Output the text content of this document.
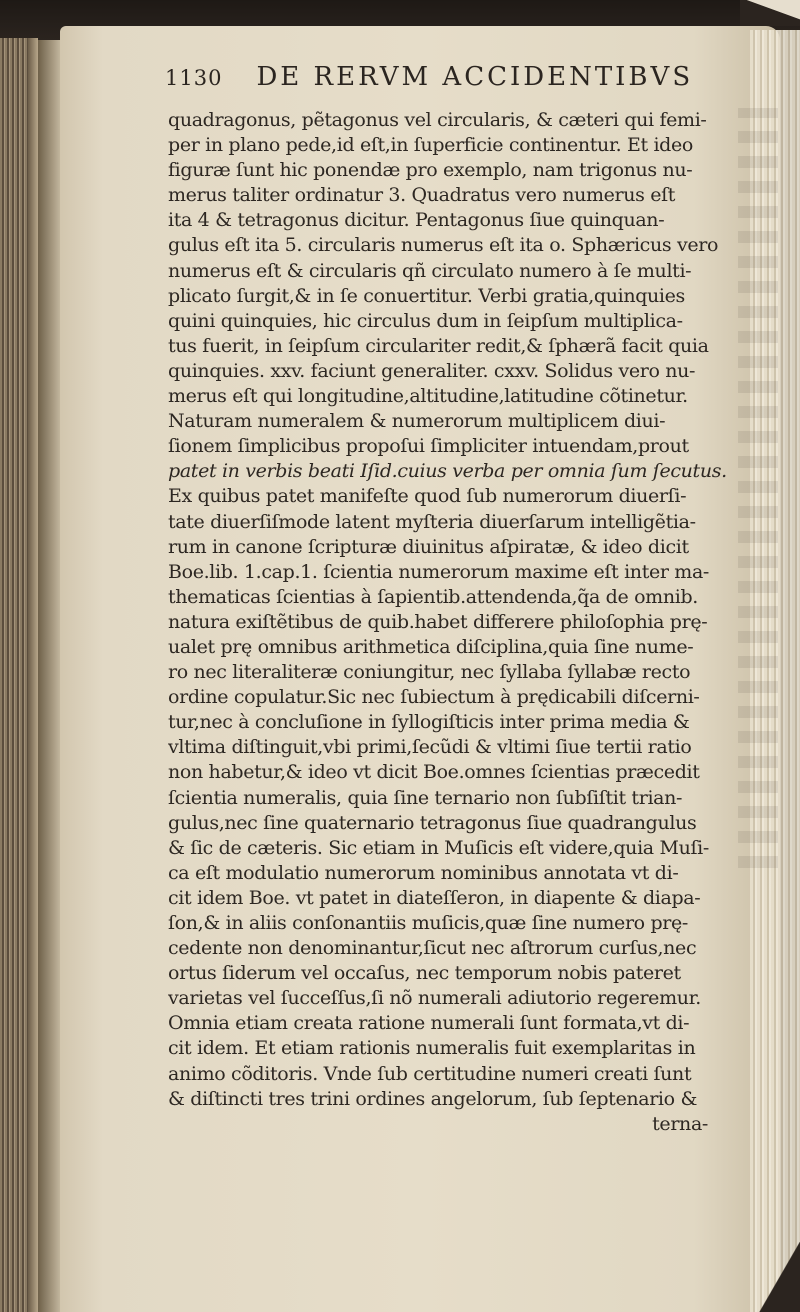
1130 DE RERVM ACCIDENTIBVS
quadragonus, pẽtagonus vel circularis, & cæteri qui femi-
per in plano pede,id eſt,in ſuperficie continentur. Et ideo
figuræ ſunt hic ponendæ pro exemplo, nam trigonus nu-
merus taliter ordinatur 3. Quadratus vero numerus eſt
ita 4 & tetragonus dicitur. Pentagonus ſiue quinquan-
gulus eſt ita 5. circularis numerus eſt ita o. Sphæricus vero
numerus eſt & circularis qñ circulato numero à ſe multi-
plicato ſurgit,& in ſe conuertitur. Verbi gratia,quinquies
quini quinquies, hic circulus dum in ſeipſum multiplica-
tus fuerit, in ſeipſum circulariter redit,& ſphærã facit quia
quinquies. xxv. faciunt generaliter. cxxv. Solidus vero nu-
merus eſt qui longitudine,altitudine,latitudine cõtinetur.
Naturam numeralem & numerorum multiplicem diui-
ſionem ſimplicibus propoſui ſimpliciter intuendam,prout
patet in verbis beati Iſid.cuius verba per omnia ſum ſecutus.
Ex quibus patet manifeſte quod ſub numerorum diuerſi-
tate diuerſiſmode latent myſteria diuerſarum intelligẽtia-
rum in canone ſcripturæ diuinitus aſpiratæ, & ideo dicit
Boe.lib. 1.cap.1. ſcientia numerorum maxime eſt inter ma-
thematicas ſcientias à ſapientib.attendenda,q̃a de omnib.
natura exiſtẽtibus de quib.habet differere philoſophia prę-
ualet prę omnibus arithmetica diſciplina,quia ſine nume-
ro nec literaliteræ coniungitur, nec ſyllaba ſyllabæ recto
ordine copulatur.Sic nec ſubiectum à prędicabili diſcerni-
tur,nec à concluſione in ſyllogiſticis inter prima media &
vltima diſtinguit,vbi primi,ſecũdi & vltimi ſiue tertii ratio
non habetur,& ideo vt dicit Boe.omnes ſcientias præcedit
ſcientia numeralis, quia ſine ternario non ſubſiſtit trian-
gulus,nec ſine quaternario tetragonus ſiue quadrangulus
& ſic de cæteris. Sic etiam in Muſicis eſt videre,quia Muſi-
ca eſt modulatio numerorum nominibus annotata vt di-
cit idem Boe. vt patet in diateſſeron, in diapente & diapa-
ſon,& in aliis conſonantiis muſicis,quæ ſine numero prę-
cedente non denominantur,ſicut nec aſtrorum curſus,nec
ortus ſiderum vel occaſus, nec temporum nobis pateret
varietas vel ſucceſſus,ſi nõ numerali adiutorio regeremur.
Omnia etiam creata ratione numerali ſunt formata,vt di-
cit idem. Et etiam rationis numeralis fuit exemplaritas in
animo cõditoris. Vnde ſub certitudine numeri creati ſunt
& diſtincti tres trini ordines angelorum, ſub ſeptenario &
terna-
